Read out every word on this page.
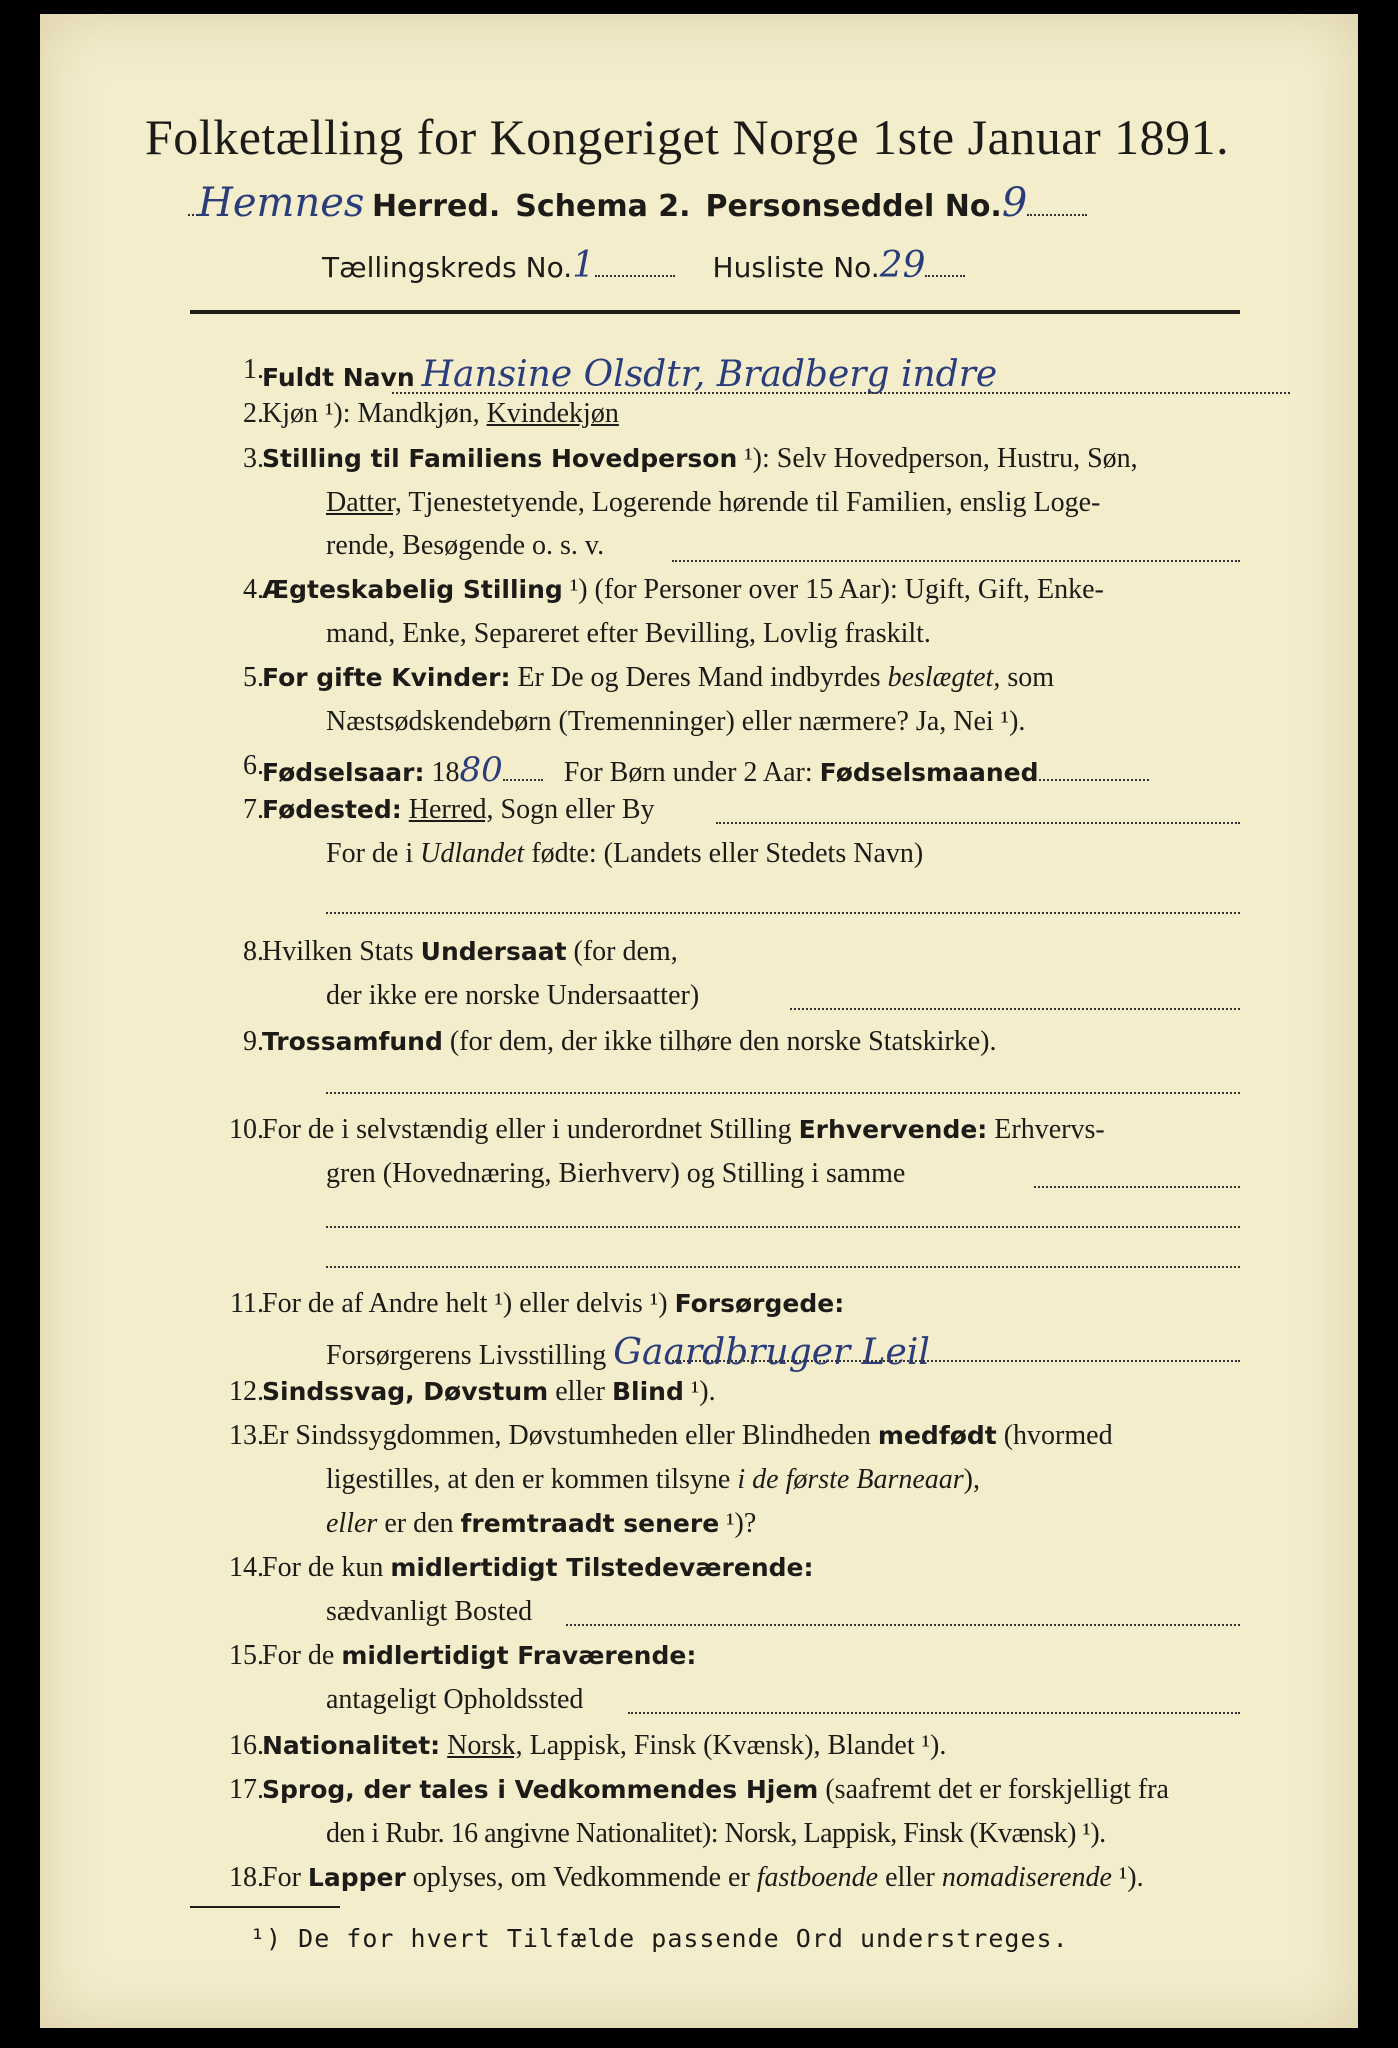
Folketælling for Kongeriget Norge 1ste Januar 1891.
Hemnes Herred. Schema 2. Personseddel No.9
Tællingskreds No.1	Husliste No.29
1.
Fuldt Navn Hansine Olsdtr, Bradberg indre
2.
Kjøn ¹): Mandkjøn, Kvindekjøn
3.
Stilling til Familiens Hovedperson ¹): Selv Hovedperson, Hustru, Søn,
Datter, Tjenestetyende, Logerende hørende til Familien, enslig Loge-
rende, Besøgende o. s. v.
4.
Ægteskabelig Stilling ¹) (for Personer over 15 Aar): Ugift, Gift, Enke-
mand, Enke, Separeret efter Bevilling, Lovlig fraskilt.
5.
For gifte Kvinder: Er De og Deres Mand indbyrdes beslægtet, som
Næstsødskendebørn (Tremenninger) eller nærmere? Ja, Nei ¹).
6.
Fødselsaar: 1880 For Børn under 2 Aar: Fødselsmaaned
7.
Fødested: Herred, Sogn eller By
For de i Udlandet fødte: (Landets eller Stedets Navn)
8.
Hvilken Stats Undersaat (for dem,
der ikke ere norske Undersaatter)
9.
Trossamfund (for dem, der ikke tilhøre den norske Statskirke).
10.
For de i selvstændig eller i underordnet Stilling Erhvervende: Erhvervs-
gren (Hovednæring, Bierhverv) og Stilling i samme
11.
For de af Andre helt ¹) eller delvis ¹) Forsørgede:
Forsørgerens Livsstilling Gaardbruger Leil
12.
Sindssvag, Døvstum eller Blind ¹).
13.
Er Sindssygdommen, Døvstumheden eller Blindheden medfødt (hvormed
ligestilles, at den er kommen tilsyne i de første Barneaar),
eller er den fremtraadt senere ¹)?
14.
For de kun midlertidigt Tilstedeværende:
sædvanligt Bosted
15.
For de midlertidigt Fraværende:
antageligt Opholdssted
16.
Nationalitet: Norsk, Lappisk, Finsk (Kvænsk), Blandet ¹).
17.
Sprog, der tales i Vedkommendes Hjem (saafremt det er forskjelligt fra
den i Rubr. 16 angivne Nationalitet): Norsk, Lappisk, Finsk (Kvænsk) ¹).
18.
For Lapper oplyses, om Vedkommende er fastboende eller nomadiserende ¹).
¹) De for hvert Tilfælde passende Ord understreges.
